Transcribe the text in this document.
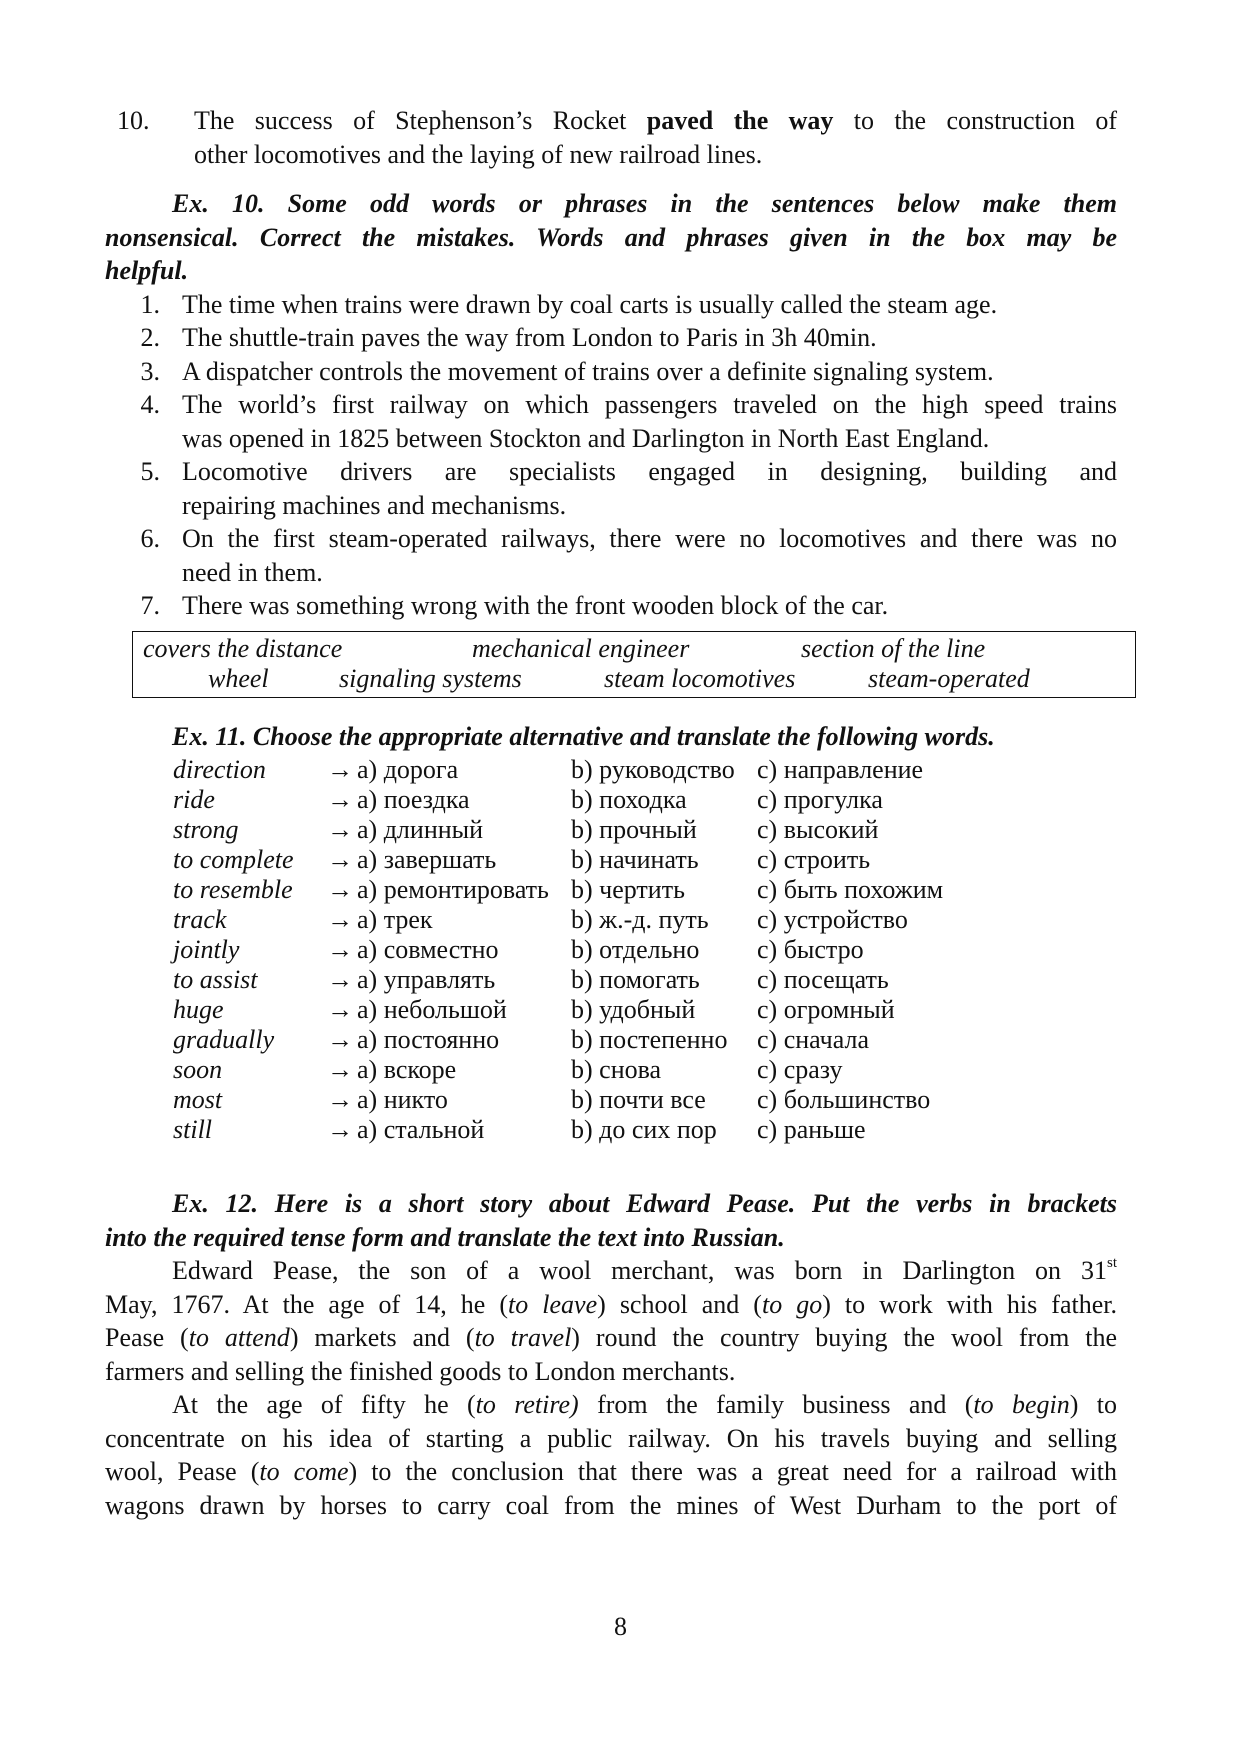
10.	The success of Stephenson’s Rocket paved the way to the construction of
other locomotives and the laying of new railroad lines.
Ex. 10. Some odd words or phrases in the sentences below make them
nonsensical. Correct the mistakes. Words and phrases given in the box may be
helpful.
1. The time when trains were drawn by coal carts is usually called the steam age.
2. The shuttle-train paves the way from London to Paris in 3h 40min.
3. A dispatcher controls the movement of trains over a definite signaling system.
4. The world’s first railway on which passengers traveled on the high speed trains
was opened in 1825 between Stockton and Darlington in North East England.
5. Locomotive drivers are specialists engaged in designing, building and
repairing machines and mechanisms.
6. On the first steam-operated railways, there were no locomotives and there was no
need in them.
7. There was something wrong with the front wooden block of the car.
covers the distance	mechanical engineer	section of the line
wheel	signaling systems	steam locomotives	steam-operated
Ex. 11. Choose the appropriate alternative and translate the following words.
direction → a) дорога	b) руководство c) направление
ride	→ a) поездка	b) походка	c) прогулка
strong	→ a) длинный	b) прочный c) высокий
to complete → a) завершать	b) начинать c) строить
to resemble → a) ремонтировать b) чертить	c) быть похожим
track	→ a) трек	b) ж.-д. путь c) устройство
jointly	→ a) совместно	b) отдельно c) быстро
to assist	→ a) управлять	b) помогать c) посещать
huge	→ a) небольшой b) удобный c) огромный
gradually → a) постоянно	b) постепенно c) сначала
soon	→ a) вскоре	b) снова	c) сразу
most	→ a) никто	b) почти все c) большинство
still	→ a) стальной	b) до сих пор c) раньше
Ex. 12. Here is a short story about Edward Pease. Put the verbs in brackets
into the required tense form and translate the text into Russian.
Edward Pease, the son of a wool merchant, was born in Darlington on 31st
May, 1767. At the age of 14, he (to leave) school and (to go) to work with his father.
Pease (to attend) markets and (to travel) round the country buying the wool from the
farmers and selling the finished goods to London merchants.
At the age of fifty he (to retire) from the family business and (to begin) to
concentrate on his idea of starting a public railway. On his travels buying and selling
wool, Pease (to come) to the conclusion that there was a great need for a railroad with
wagons drawn by horses to carry coal from the mines of West Durham to the port of
8
